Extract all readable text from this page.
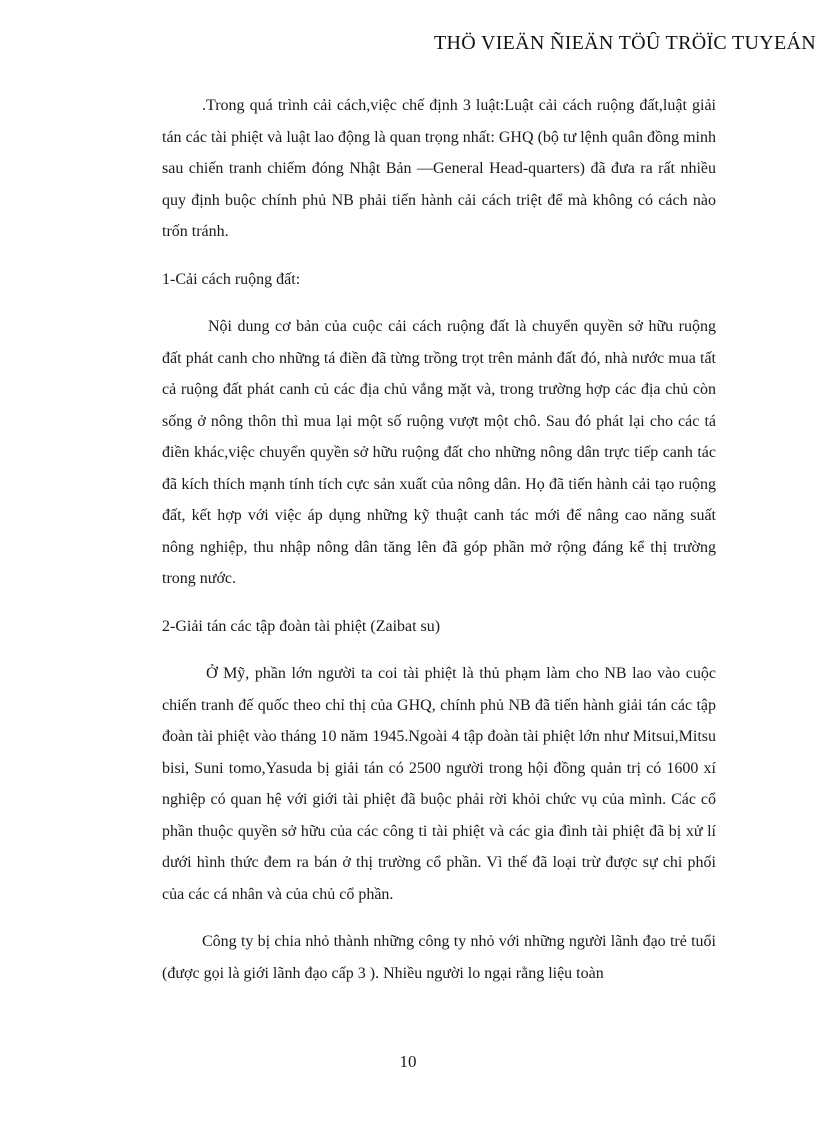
THÖ VIEÄN ÑIEÄN TÖÛ TRÖÏC TUYEÁN

.Trong quá trình cải cách,việc chế định 3 luật:Luật cải cách ruộng đất,luật giải tán các tài phiệt và luật lao động là quan trọng nhất: GHQ (bộ tư lệnh quân đồng minh sau chiến tranh chiếm đóng Nhật Bản —General Head-quarters) đã đưa ra rất nhiều quy định buộc chính phủ NB phải tiến hành cải cách triệt để mà không có cách nào trốn tránh.

1-Cải cách ruộng đất:

Nội dung cơ bản của cuộc cải cách ruộng đất là chuyển quyền sở hữu ruộng đất phát canh cho những tá điền đã từng trồng trọt trên mảnh đất đó, nhà nước mua tất cả ruộng đất phát canh củ các địa chủ vắng mặt và, trong trường hợp các địa chủ còn sống ở nông thôn thì mua lại một số ruộng vượt một chô. Sau đó phát lại cho các tá điền khác,việc chuyển quyền sở hữu ruộng đất cho những nông dân trực tiếp canh tác đã kích thích mạnh tính tích cực sản xuất của nông dân. Họ đã tiến hành cải tạo ruộng đất, kết hợp với việc áp dụng những kỹ thuật canh tác mới để nâng cao năng suất nông nghiệp, thu nhập nông dân tăng lên đã góp phần mở rộng đáng kể thị trường trong nước.

2-Giải tán các tập đoàn tài phiệt (Zaibat su)

Ở Mỹ, phần lớn người ta coi tài phiệt là thủ phạm làm cho NB lao vào cuộc chiến tranh đế quốc theo chỉ thị của GHQ, chính phủ NB đã tiến hành giải tán các tập đoàn tài phiệt vào tháng 10 năm 1945.Ngoài 4 tập đoàn tài phiệt lớn như Mitsui,Mitsu bisi, Suni tomo,Yasuda bị giải tán có 2500 người trong hội đồng quản trị có 1600 xí nghiệp có quan hệ với giới tài phiệt đã buộc phải rời khỏi chức vụ của mình. Các cổ phần thuộc quyền sở hữu của các công ti tài phiệt và các gia đình tài phiệt đã bị xử lí dưới hình thức đem ra bán ở thị trường cổ phần. Vì thế đã loại trừ được sự chi phối của các cá nhân và của chủ cổ phần.

Công ty bị chia nhỏ thành những công ty nhỏ với những người lãnh đạo trẻ tuổi (được gọi là giới lãnh đạo cấp 3 ). Nhiều người lo ngại rằng liệu toàn

10
